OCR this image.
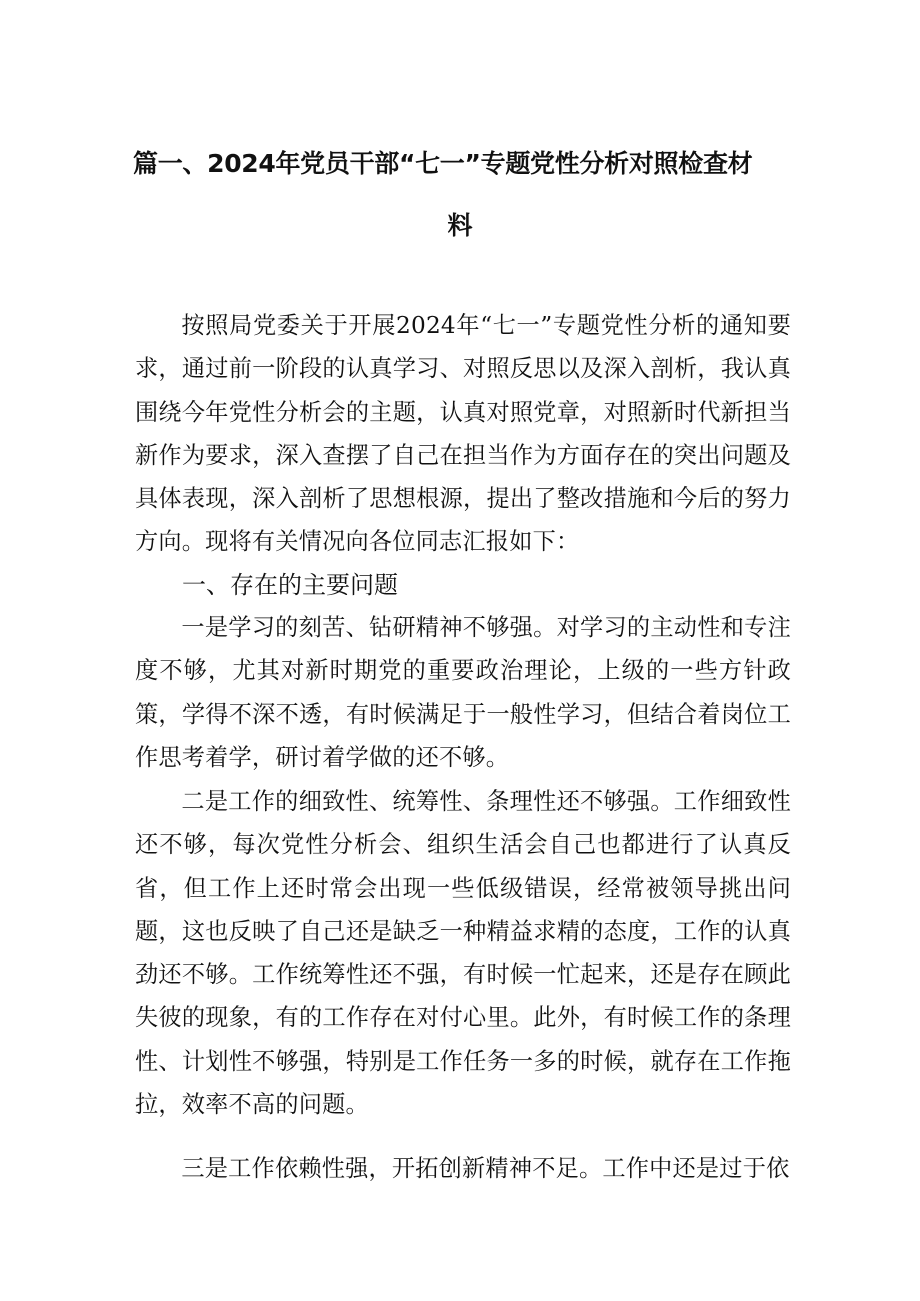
篇一、2024年党员干部“七一”专题党性分析对照检查材
料

按照局党委关于开展2024年“七一”专题党性分析的通知要求，通过前一阶段的认真学习、对照反思以及深入剖析，我认真围绕今年党性分析会的主题，认真对照党章，对照新时代新担当新作为要求，深入查摆了自己在担当作为方面存在的突出问题及具体表现，深入剖析了思想根源，提出了整改措施和今后的努力方向。现将有关情况向各位同志汇报如下：

一、存在的主要问题

一是学习的刻苦、钻研精神不够强。对学习的主动性和专注度不够，尤其对新时期党的重要政治理论，上级的一些方针政策，学得不深不透，有时候满足于一般性学习，但结合着岗位工作思考着学，研讨着学做的还不够。

二是工作的细致性、统筹性、条理性还不够强。工作细致性还不够，每次党性分析会、组织生活会自己也都进行了认真反省，但工作上还时常会出现一些低级错误，经常被领导挑出问题，这也反映了自己还是缺乏一种精益求精的态度，工作的认真劲还不够。工作统筹性还不强，有时候一忙起来，还是存在顾此失彼的现象，有的工作存在对付心里。此外，有时候工作的条理性、计划性不够强，特别是工作任务一多的时候，就存在工作拖拉，效率不高的问题。

三是工作依赖性强，开拓创新精神不足。工作中还是过于依
